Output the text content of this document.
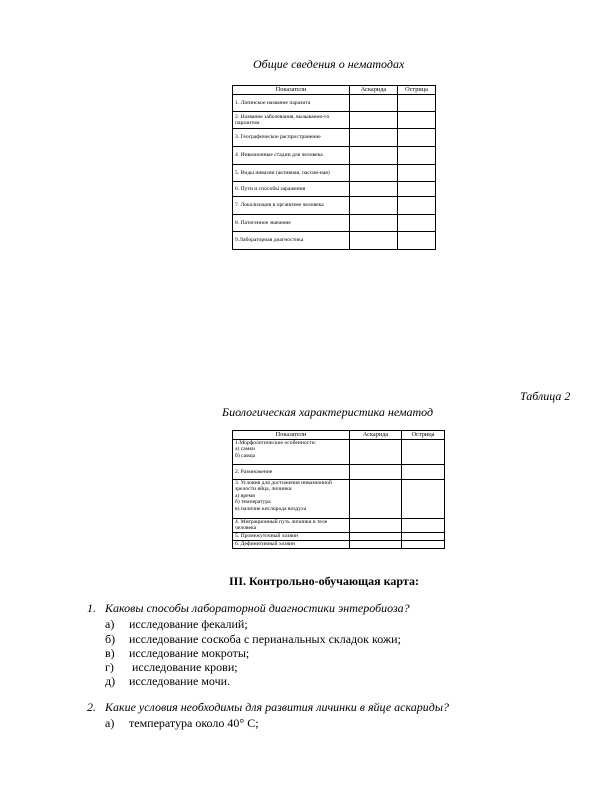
Общие сведения о нематодах
Показатели	Аскарида	Острица
1. Латинское название паразита		
2. Название заболевания, вызываемо-го паразитом		
3. Географическое распространение		
4. Инвазионные стадии для человека		
5. Виды инвазии (активная, пассив-ная)		
6. Пути и способы заражения		
7. Локализация в организме человека		
8. Патогенное значение		
9.Лабораторная диагностика		
Таблица 2
Биологическая характеристика нематод
Показатели	Аскарида	Острица
1.Морфологические особенности:
а) самки
б) самца		
2. Размножение		
3. Условия для достижения инвазионной зрелости яйца, личинки
а) время
б) температура
в) наличие кислорода воздуха		
4. Миграционный путь личинки в теле человека		
5. Промежуточный хозяин		
6. Дефинитивный хозяин		
III. Контрольно-обучающая карта:
1. Каковы способы лабораторной диагностики энтеробиоза?
а) исследование фекалий;
б) исследование соскоба с перианальных складок кожи;
в) исследование мокроты;
г) исследование крови;
д) исследование мочи.
2. Какие условия необходимы для развития личинки в яйце аскариды?
а) температура около 40° С;
